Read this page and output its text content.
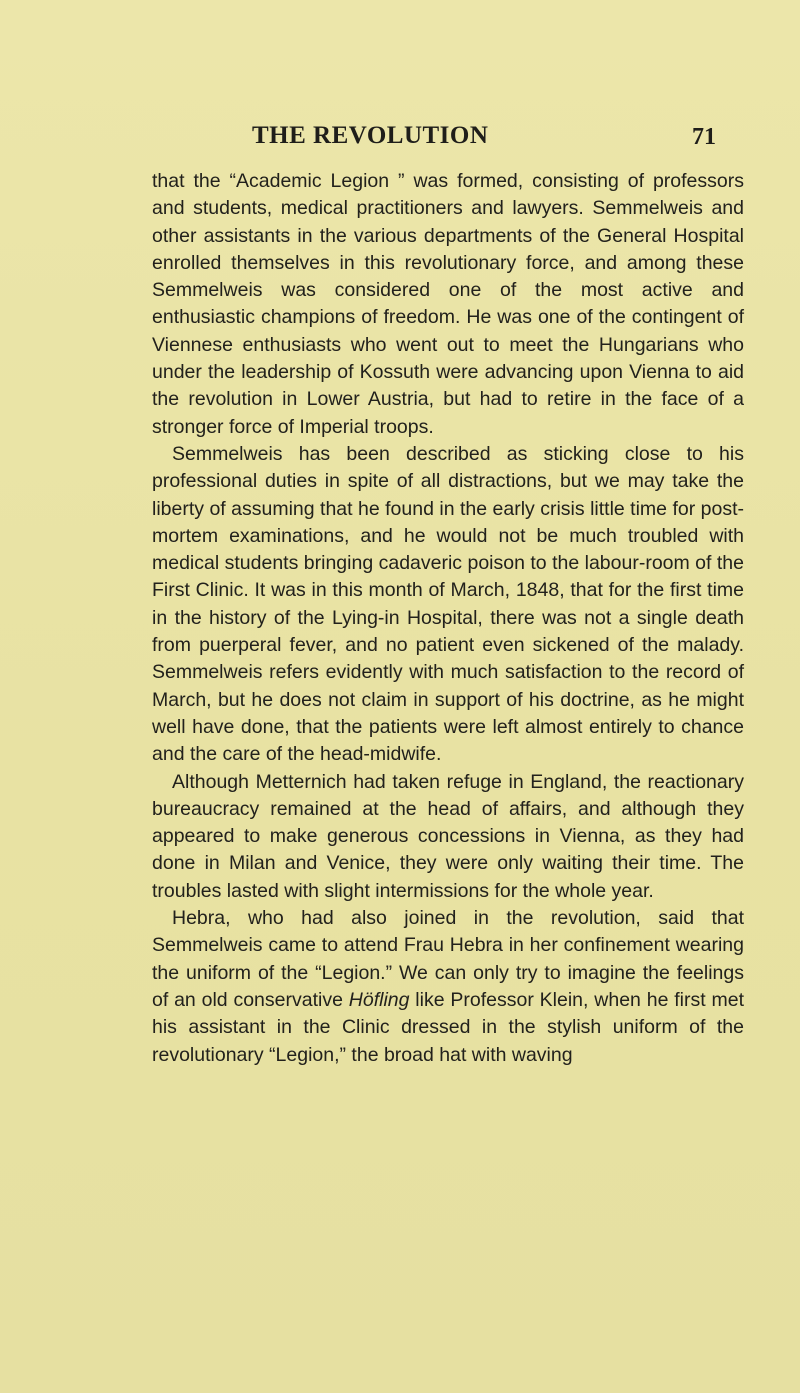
THE REVOLUTION	71

that the “Academic Legion ” was formed, consisting of professors and students, medical practitioners and lawyers. Semmelweis and other assistants in the various departments of the General Hospital enrolled themselves in this revolutionary force, and among these Semmelweis was considered one of the most active and enthusiastic champions of freedom. He was one of the contingent of Viennese enthusiasts who went out to meet the Hungarians who under the leadership of Kossuth were advancing upon Vienna to aid the revolution in Lower Austria, but had to retire in the face of a stronger force of Imperial troops.

Semmelweis has been described as sticking close to his professional duties in spite of all distractions, but we may take the liberty of assuming that he found in the early crisis little time for post-mortem examinations, and he would not be much troubled with medical students bringing cadaveric poison to the labour-room of the First Clinic. It was in this month of March, 1848, that for the first time in the history of the Lying-in Hospital, there was not a single death from puerperal fever, and no patient even sickened of the malady. Semmelweis refers evidently with much satisfaction to the record of March, but he does not claim in support of his doctrine, as he might well have done, that the patients were left almost entirely to chance and the care of the head-midwife.

Although Metternich had taken refuge in England, the reactionary bureaucracy remained at the head of affairs, and although they appeared to make generous concessions in Vienna, as they had done in Milan and Venice, they were only waiting their time. The troubles lasted with slight intermissions for the whole year.

Hebra, who had also joined in the revolution, said that Semmelweis came to attend Frau Hebra in her confinement wearing the uniform of the “Legion.” We can only try to imagine the feelings of an old conservative Höfling like Professor Klein, when he first met his assistant in the Clinic dressed in the stylish uniform of the revolutionary “Legion,” the broad hat with waving
